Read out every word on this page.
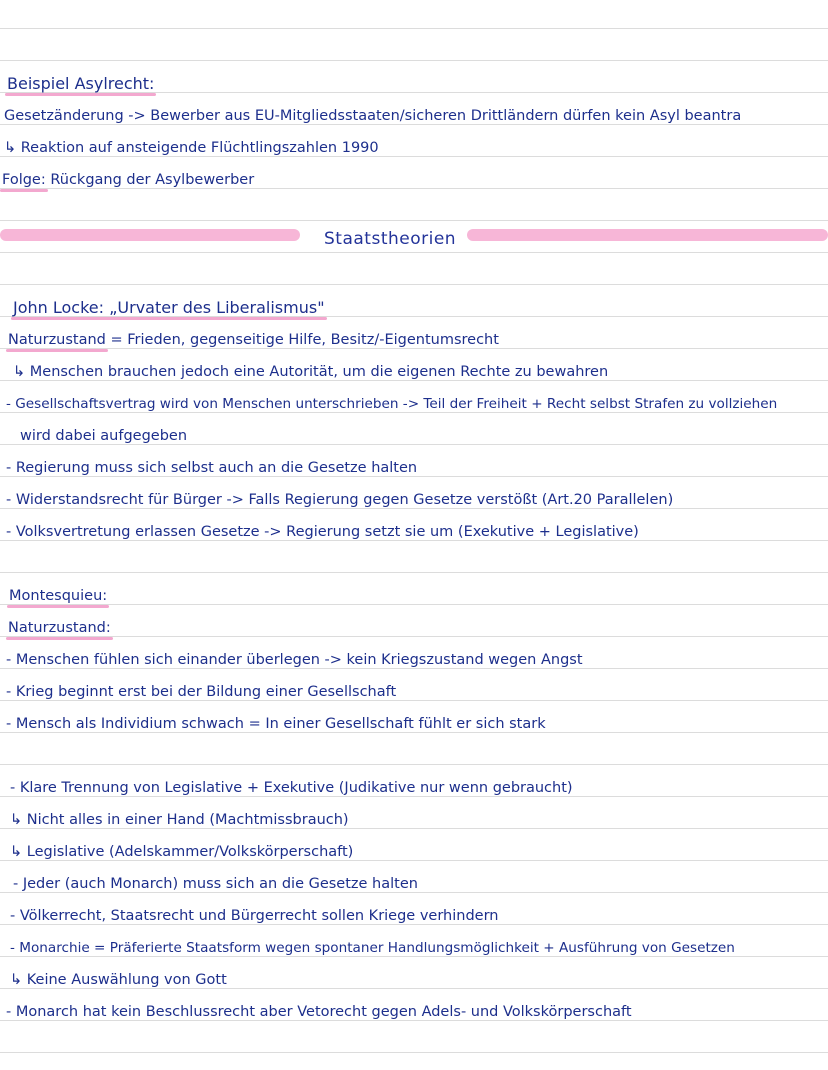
Beispiel Asylrecht:
Gesetzänderung -> Bewerber aus EU-Mitgliedsstaaten/sicheren Drittländern dürfen kein Asyl beantra
↳ Reaktion auf ansteigende Flüchtlingszahlen 1990
Folge: Rückgang der Asylbewerber
Staatstheorien
John Locke: „Urvater des Liberalismus"
Naturzustand = Frieden, gegenseitige Hilfe, Besitz/-Eigentumsrecht
↳ Menschen brauchen jedoch eine Autorität, um die eigenen Rechte zu bewahren
- Gesellschaftsvertrag wird von Menschen unterschrieben -> Teil der Freiheit + Recht selbst Strafen zu vollziehen
wird dabei aufgegeben
- Regierung muss sich selbst auch an die Gesetze halten
- Widerstandsrecht für Bürger -> Falls Regierung gegen Gesetze verstößt (Art.20 Parallelen)
- Volksvertretung erlassen Gesetze -> Regierung setzt sie um (Exekutive + Legislative)
Montesquieu:
Naturzustand:
- Menschen fühlen sich einander überlegen -> kein Kriegszustand wegen Angst
- Krieg beginnt erst bei der Bildung einer Gesellschaft
- Mensch als Individium schwach = In einer Gesellschaft fühlt er sich stark
- Klare Trennung von Legislative + Exekutive (Judikative nur wenn gebraucht)
↳ Nicht alles in einer Hand (Machtmissbrauch)
↳ Legislative (Adelskammer/Volkskörperschaft)
- Jeder (auch Monarch) muss sich an die Gesetze halten
- Völkerrecht, Staatsrecht und Bürgerrecht sollen Kriege verhindern
- Monarchie = Präferierte Staatsform wegen spontaner Handlungsmöglichkeit + Ausführung von Gesetzen
↳ Keine Auswählung von Gott
- Monarch hat kein Beschlussrecht aber Vetorecht gegen Adels- und Volkskörperschaft
